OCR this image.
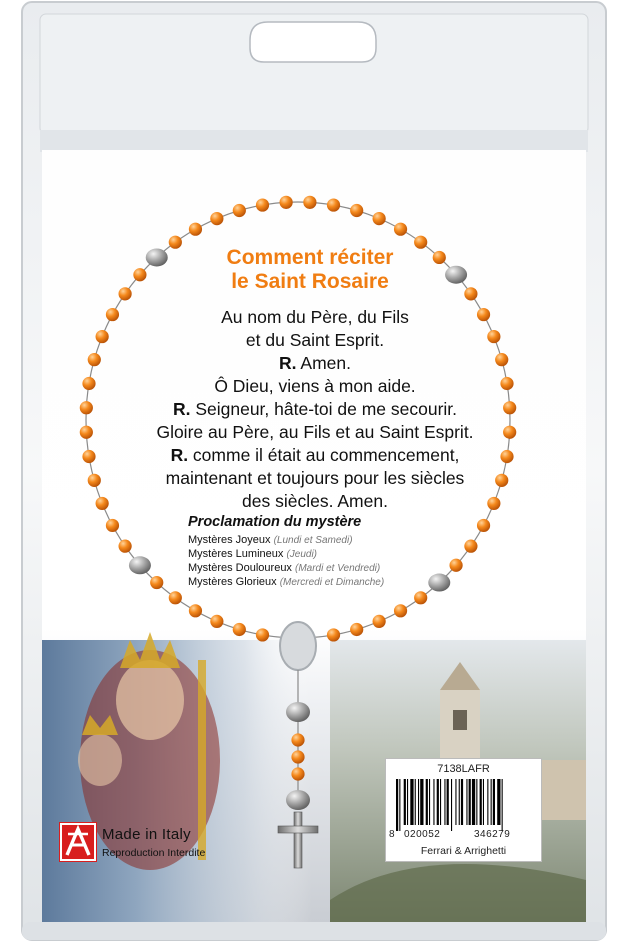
Comment réciter
le Saint Rosaire
Au nom du Père, du Fils
et du Saint Esprit.
R. Amen.
Ô Dieu, viens à mon aide.
R. Seigneur, hâte-toi de me secourir.
Gloire au Père, au Fils et au Saint Esprit.
R. comme il était au commencement,
maintenant et toujours pour les siècles
des siècles. Amen.
Proclamation du mystère
Mystères Joyeux (Lundi et Samedi)
Mystères Lumineux (Jeudi)
Mystères Douloureux (Mardi et Vendredi)
Mystères Glorieux (Mercredi et Dimanche)
7138LAFR
8 020052	346279
Ferrari & Arrighetti
Made in Italy
Reproduction Interdite
